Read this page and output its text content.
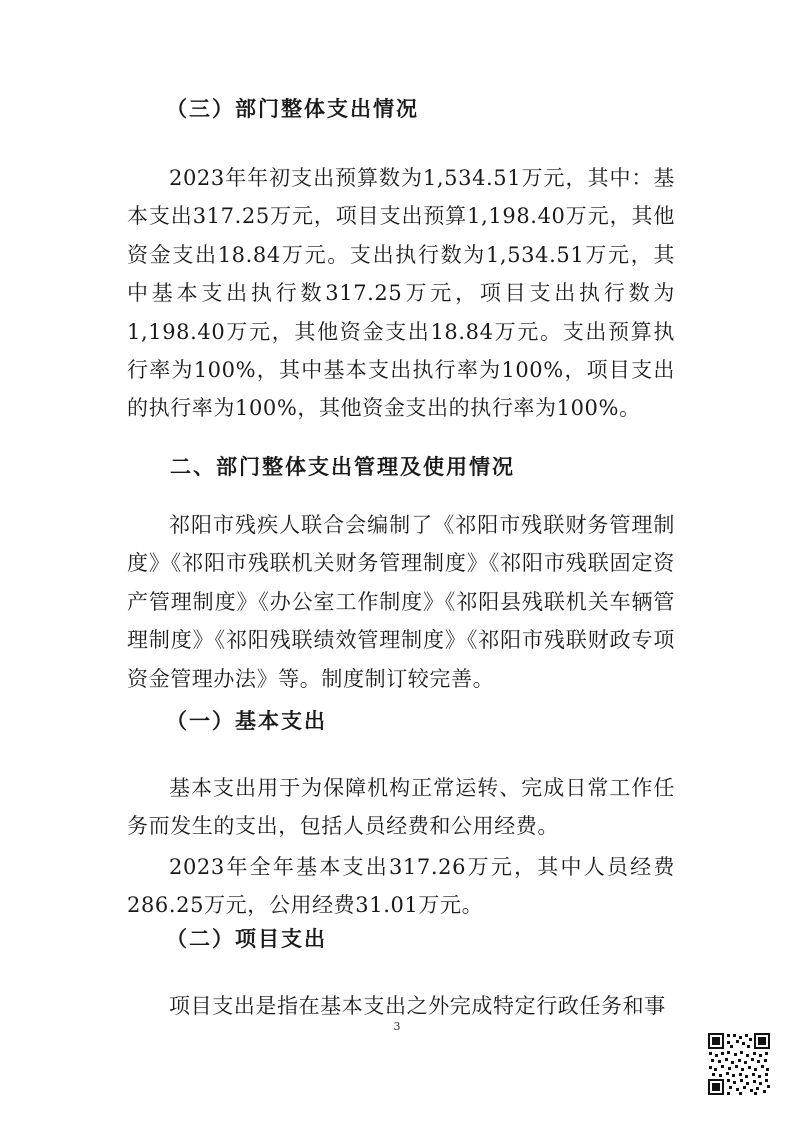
（三）部门整体支出情况

2023年年初支出预算数为1,534.51万元，其中：基本支出317.25万元，项目支出预算1,198.40万元，其他资金支出18.84万元。支出执行数为1,534.51万元，其中基本支出执行数317.25万元，项目支出执行数为1,198.40万元，其他资金支出18.84万元。支出预算执行率为100%，其中基本支出执行率为100%，项目支出的执行率为100%，其他资金支出的执行率为100%。

二、部门整体支出管理及使用情况

祁阳市残疾人联合会编制了《祁阳市残联财务管理制度》《祁阳市残联机关财务管理制度》《祁阳市残联固定资产管理制度》《办公室工作制度》《祁阳县残联机关车辆管理制度》《祁阳残联绩效管理制度》《祁阳市残联财政专项资金管理办法》等。制度制订较完善。

（一）基本支出

基本支出用于为保障机构正常运转、完成日常工作任务而发生的支出，包括人员经费和公用经费。

2023年全年基本支出317.26万元，其中人员经费286.25万元，公用经费31.01万元。

（二）项目支出

项目支出是指在基本支出之外完成特定行政任务和事

3
